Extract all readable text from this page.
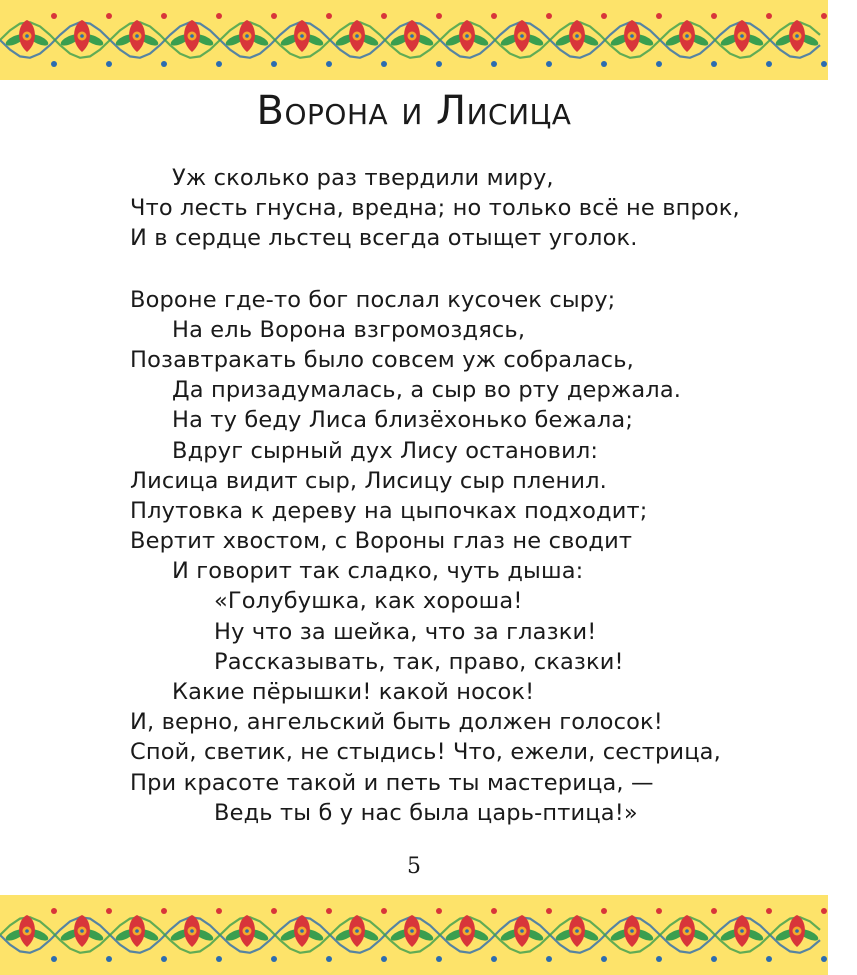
Ворона и Лисица
Уж сколько раз твердили миру,
Что лесть гнусна, вредна; но только всё не впрок,
И в сердце льстец всегда отыщет уголок.
Вороне где-то бог послал кусочек сыру;
На ель Ворона взгромоздясь,
Позавтракать было совсем уж собралась,
Да призадумалась, а сыр во рту держала.
На ту беду Лиса близёхонько бежала;
Вдруг сырный дух Лису остановил:
Лисица видит сыр, Лисицу сыр пленил.
Плутовка к дереву на цыпочках подходит;
Вертит хвостом, с Вороны глаз не сводит
И говорит так сладко, чуть дыша:
«Голубушка, как хороша!
Ну что за шейка, что за глазки!
Рассказывать, так, право, сказки!
Какие пёрышки! какой носок!
И, верно, ангельский быть должен голосок!
Спой, светик, не стыдись! Что, ежели, сестрица,
При красоте такой и петь ты мастерица, —
Ведь ты б у нас была царь-птица!»
5
